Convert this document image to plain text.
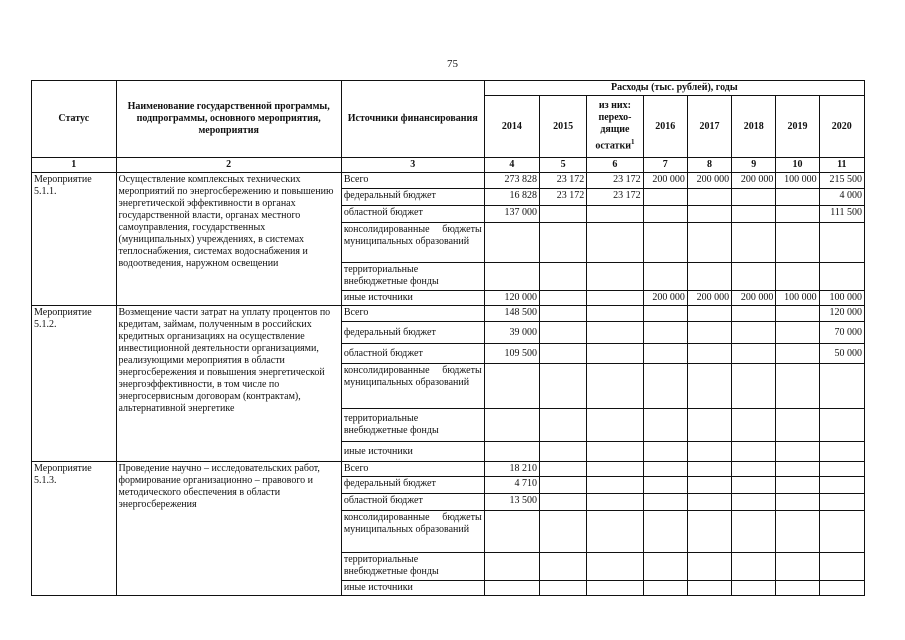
75
Статус	Наименование государственной программы, подпрограммы, основного мероприятия, мероприятия	Источники финансирования	Расходы (тыс. рублей), годы							
			2014	2015	из них: перехо-дящие остатки$^1$	2016	2017	2018	2019	2020
1	2	3	4	5	6	7	8	9	10	11
Мероприятие 5.1.1.	Осуществление комплексных технических мероприятий по энергосбережению и повышению энергетической эффективности в органах государственной власти, органах местного самоуправления, государственных (муниципальных) учреждениях, в системах теплоснабжения, системах водоснабжения и водоотведения, наружном освещении	Всего	273 828	23 172	23 172	200 000	200 000	200 000	100 000	215 500
		федеральный бюджет	16 828	23 172	23 172					4 000
		областной бюджет	137 000							111 500
		консолидированные бюджеты муниципальных образований								
		территориальные внебюджетные фонды								
		иные источники	120 000			200 000	200 000	200 000	100 000	100 000
Мероприятие 5.1.2.	Возмещение части затрат на уплату процентов по кредитам, займам, полученным в российских кредитных организациях на осуществление инвестиционной деятельности организациями, реализующими мероприятия в области энергосбережения и повышения энергетической энергоэффективности, в том числе по энергосервисным договорам (контрактам), альтернативной энергетике	Всего	148 500							120 000
		федеральный бюджет	39 000							70 000
		областной бюджет	109 500							50 000
		консолидированные бюджеты муниципальных образований								
		территориальные внебюджетные фонды								
		иные источники								
Мероприятие 5.1.3.	Проведение научно – исследовательских работ, формирование организационно – правового и методического обеспечения в области энергосбережения	Всего	18 210							
		федеральный бюджет	4 710							
		областной бюджет	13 500							
		консолидированные бюджеты муниципальных образований								
		территориальные внебюджетные фонды								
		иные источники								
